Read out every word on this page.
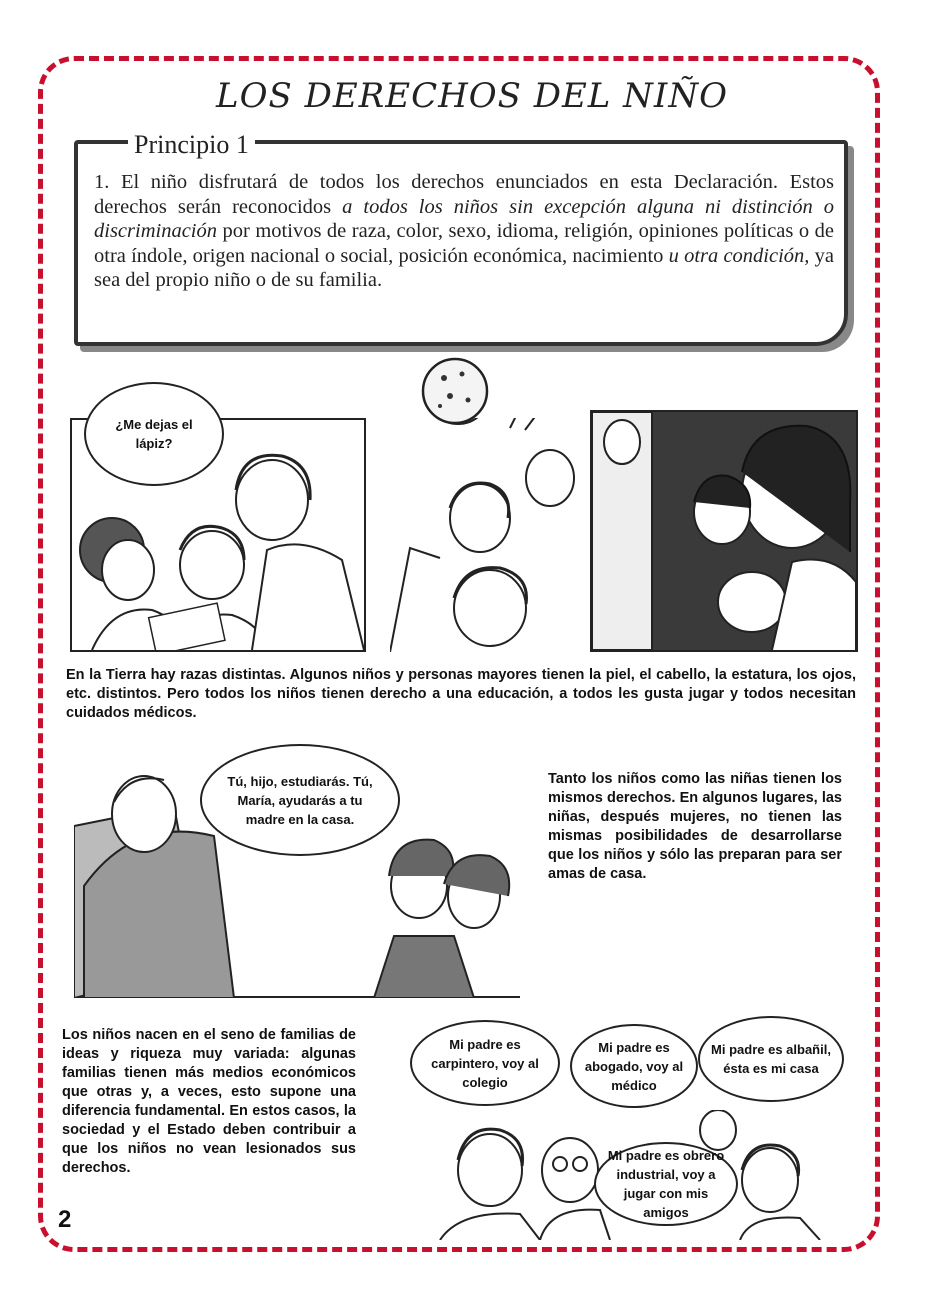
LOS DERECHOS DEL NIÑO
Principio 1
1. El niño disfrutará de todos los derechos enunciados en esta Declaración. Estos derechos serán reconocidos a todos los niños sin excepción alguna ni distinción o discriminación por motivos de raza, color, sexo, idioma, religión, opiniones políticas o de otra índole, origen nacional o social, posición económica, nacimiento u otra condición, ya sea del propio niño o de su familia.
¿Me dejas el lápiz?
En la Tierra hay razas distintas. Algunos niños y personas mayores tienen la piel, el cabello, la estatura, los ojos, etc. distintos. Pero todos los niños tienen derecho a una educación, a todos les gusta jugar y todos necesitan cuidados médicos.
Tú, hijo, estudiarás. Tú, María, ayudarás a tu madre en la casa.
Tanto los niños como las niñas tienen los mismos derechos. En algunos lugares, las niñas, después mujeres, no tienen las mismas posibilidades de desarrollarse que los niños y sólo las preparan para ser amas de casa.
Los niños nacen en el seno de familias de ideas y riqueza muy variada: algunas familias tienen más medios económicos que otras y, a veces, esto supone una diferencia fundamental. En estos casos, la sociedad y el Estado deben contribuir a que los niños no vean lesionados sus derechos.
Mi padre es carpintero, voy al colegio
Mi padre es abogado, voy al médico
Mi padre es albañil, ésta es mi casa
Mi padre es obrero industrial, voy a jugar con mis amigos
2
